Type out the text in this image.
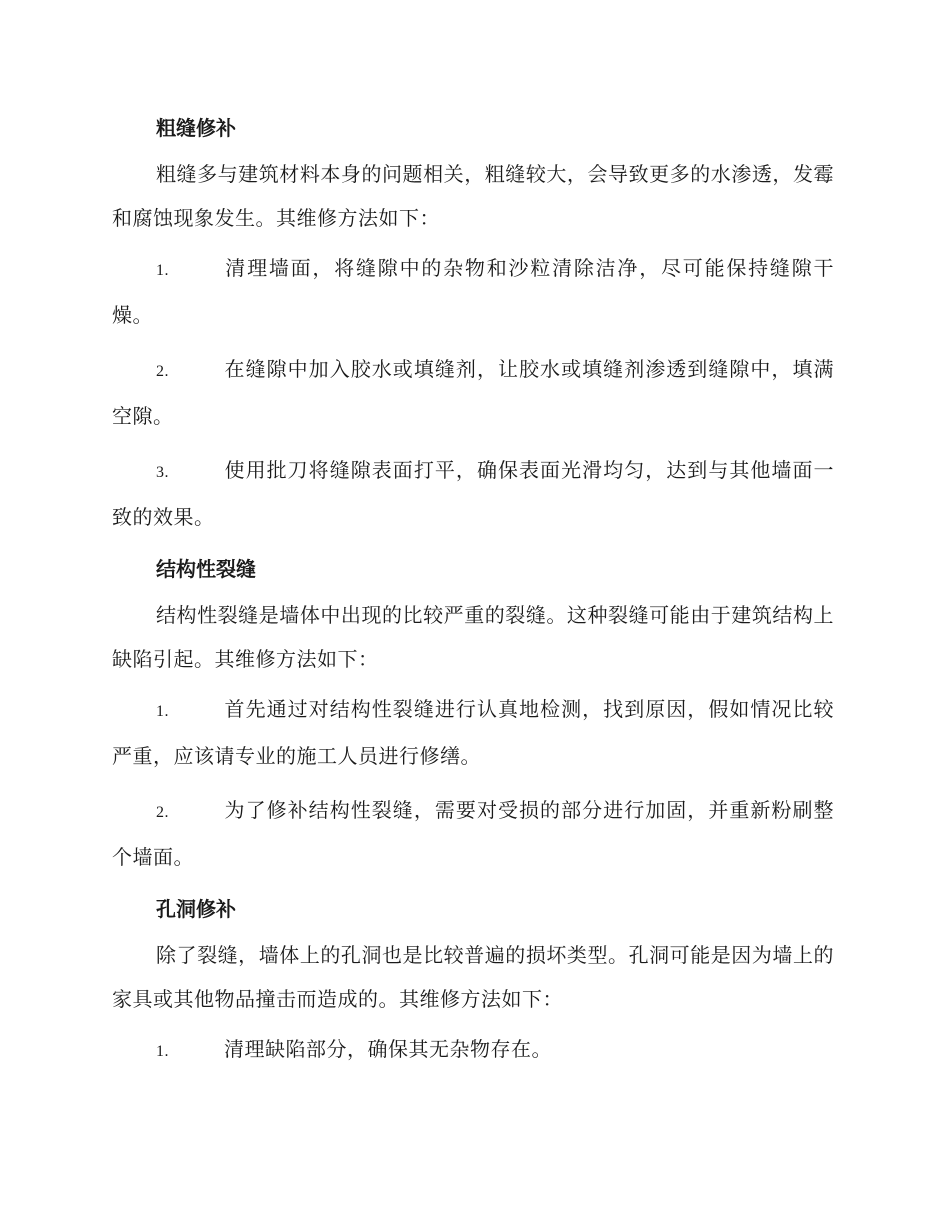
粗缝修补

粗缝多与建筑材料本身的问题相关，粗缝较大，会导致更多的水渗透，发霉和腐蚀现象发生。其维修方法如下：

1.	清理墙面，将缝隙中的杂物和沙粒清除洁净，尽可能保持缝隙干燥。

2.	在缝隙中加入胶水或填缝剂，让胶水或填缝剂渗透到缝隙中，填满空隙。

3.	使用批刀将缝隙表面打平，确保表面光滑均匀，达到与其他墙面一致的效果。

结构性裂缝

结构性裂缝是墙体中出现的比较严重的裂缝。这种裂缝可能由于建筑结构上缺陷引起。其维修方法如下：

1.	首先通过对结构性裂缝进行认真地检测，找到原因，假如情况比较严重，应该请专业的施工人员进行修缮。

2.	为了修补结构性裂缝，需要对受损的部分进行加固，并重新粉刷整个墙面。

孔洞修补

除了裂缝，墙体上的孔洞也是比较普遍的损坏类型。孔洞可能是因为墙上的家具或其他物品撞击而造成的。其维修方法如下：

1.	清理缺陷部分，确保其无杂物存在。
